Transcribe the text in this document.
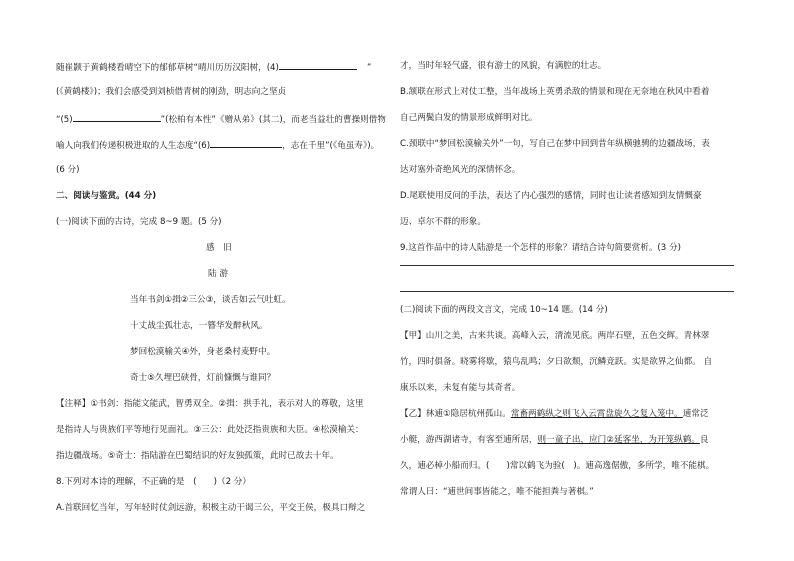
随崔颢于黄鹤楼看晴空下的郁郁草树“晴川历历汉阳树，(4)	”
(《黄鹤楼》)；我们会感受到刘桢借青树的刚劲，明志向之坚贞
“(5)	”(松柏有本性”《赠从弟》(其二)，而老当益壮的曹操则借物
喻人向我们传递积极进取的人生态度“(6)	，志在千里”(《龟虽寿》)。
(6 分)
二、阅读与鉴赏。(44 分)
(一)阅读下面的古诗，完成 8~9 题。(5 分)
感　旧
陆 游
当年书剑①揖②三公③，谈舌如云气吐虹。
十丈战尘孤壮志，一簪华发醉秋风。
梦回松漠榆关④外，身老桑村麦野中。
奇士⑤久埋巴硖骨，灯前慷慨与谁同？
【注释】①书剑：指能文能武，智勇双全。②揖：拱手礼，表示对人的尊敬，这里
是指诗人与贵族们平等地行见面礼。③三公：此处泛指贵族和大臣。④松漠榆关：
指边疆战场。⑤奇士：指陆游在巴蜀结识的好友独孤策，此时已故去十年。
8.下列对本诗的理解，不正确的是　(　　)（2 分）
A.首联回忆当年，写年轻时仗剑远游，积极主动干谒三公，平交王侯，极具口辩之
才，当时年轻气盛，很有游士的风貌，有满腔的壮志。
B.颔联在形式上对仗工整，当年战场上英勇杀敌的情景和现在无奈地在秋风中看着
自己两鬓白发的情景形成鲜明对比。
C.颈联中“梦回松漠榆关外”一句，写自己在梦中回到昔年纵横驰骋的边疆战场，表
达对塞外奇绝风光的深情怀念。
D.尾联使用反问的手法，表达了内心强烈的感情，同时也让读者感知到友情慨豪
迈、卓尔不群的形象。
9.这首作品中的诗人陆游是一个怎样的形象？请结合诗句简要赏析。(3 分)
(二)阅读下面的两段文言文，完成 10~14 题。(14 分)
【甲】山川之美，古来共谈。高峰入云，清流见底。两岸石壁，五色交辉。青林翠
竹，四时俱备。晓雾将歇，猿鸟乱鸣；夕日欲颓，沉鳞竞跃。实是欲界之仙都。 自
康乐以来，未复有能与其奇者。
【乙】林逋①隐居杭州孤山。常畜两鹤纵之则飞入云霄盘旋久之复入笼中。逋常泛
小艇，游西湖诸寺，有客至逋所居，则一童子出，应门②延客坐，为开笼纵鹤。良
久，逋必棹小船而归。(　　)常以鹤飞为验(　)。逋高逸倨傲，多所学，唯不能棋。
常谓人曰：“逋世间事皆能之，唯不能担粪与著棋。”
